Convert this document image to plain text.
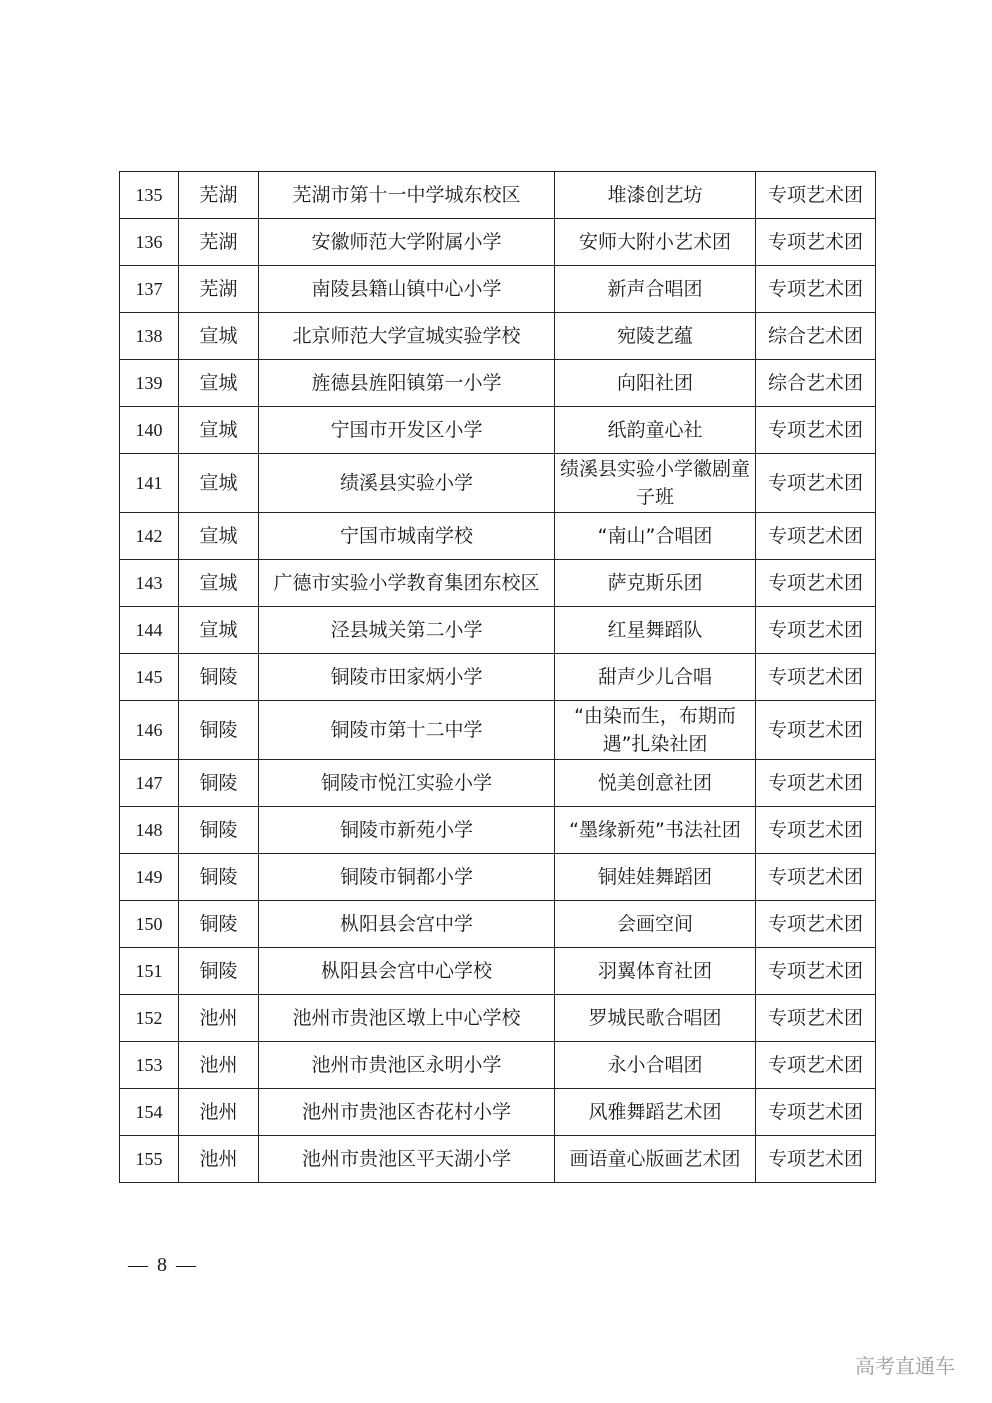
135	芜湖	芜湖市第十一中学城东校区	堆漆创艺坊	专项艺术团
136	芜湖	安徽师范大学附属小学	安师大附小艺术团	专项艺术团
137	芜湖	南陵县籍山镇中心小学	新声合唱团	专项艺术团
138	宣城	北京师范大学宣城实验学校	宛陵艺蕴	综合艺术团
139	宣城	旌德县旌阳镇第一小学	向阳社团	综合艺术团
140	宣城	宁国市开发区小学	纸韵童心社	专项艺术团
141	宣城	绩溪县实验小学	绩溪县实验小学徽剧童子班	专项艺术团
142	宣城	宁国市城南学校	“南山”合唱团	专项艺术团
143	宣城	广德市实验小学教育集团东校区	萨克斯乐团	专项艺术团
144	宣城	泾县城关第二小学	红星舞蹈队	专项艺术团
145	铜陵	铜陵市田家炳小学	甜声少儿合唱	专项艺术团
146	铜陵	铜陵市第十二中学	“由染而生，布期而遇”扎染社团	专项艺术团
147	铜陵	铜陵市悦江实验小学	悦美创意社团	专项艺术团
148	铜陵	铜陵市新苑小学	“墨缘新苑”书法社团	专项艺术团
149	铜陵	铜陵市铜都小学	铜娃娃舞蹈团	专项艺术团
150	铜陵	枞阳县会宫中学	会画空间	专项艺术团
151	铜陵	枞阳县会宫中心学校	羽翼体育社团	专项艺术团
152	池州	池州市贵池区墩上中心学校	罗城民歌合唱团	专项艺术团
153	池州	池州市贵池区永明小学	永小合唱团	专项艺术团
154	池州	池州市贵池区杏花村小学	风雅舞蹈艺术团	专项艺术团
155	池州	池州市贵池区平天湖小学	画语童心版画艺术团	专项艺术团
— 8 —
高考直通车
